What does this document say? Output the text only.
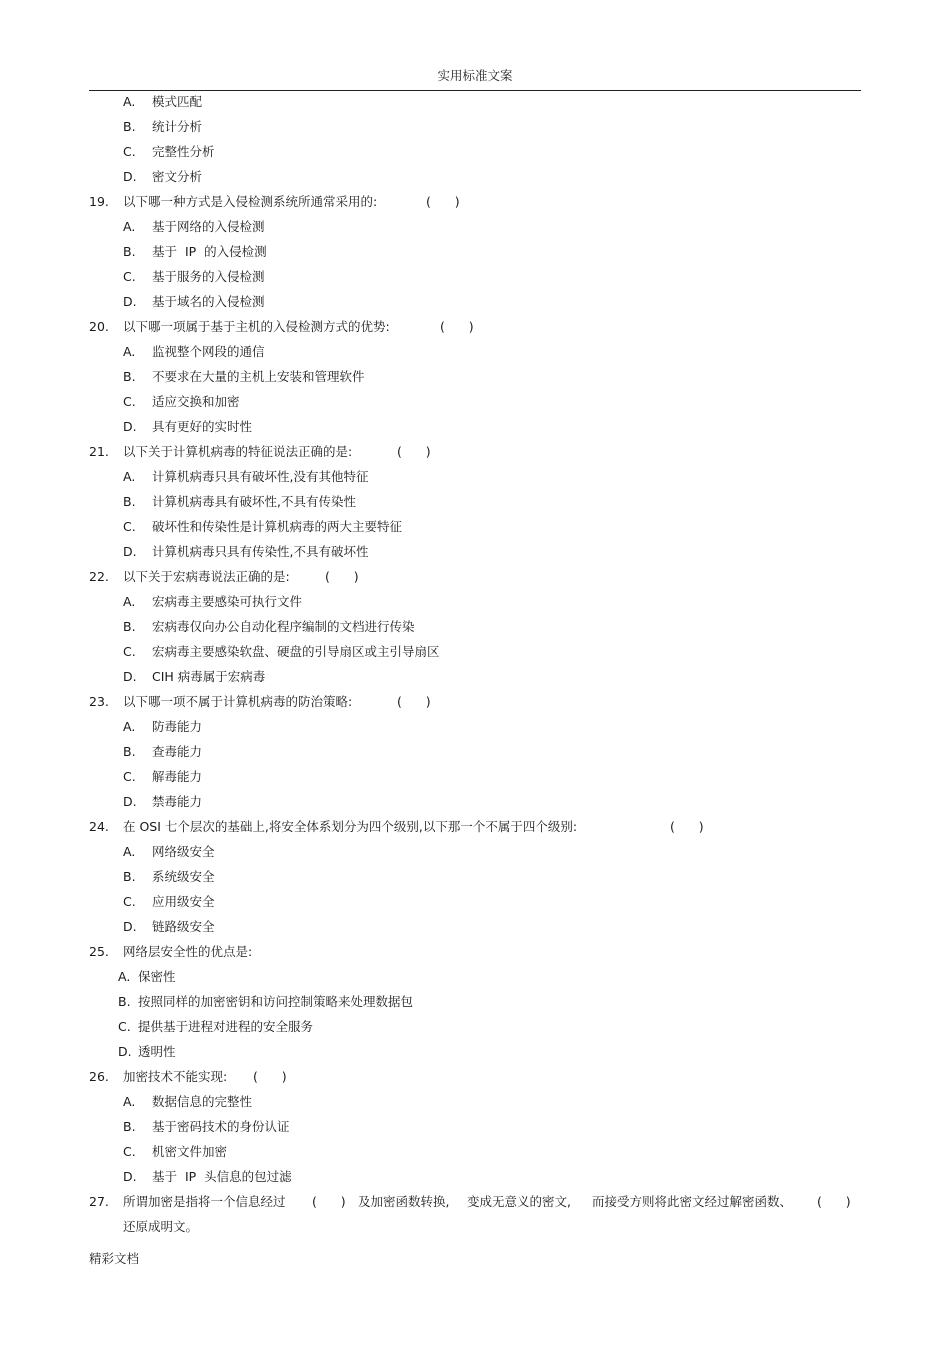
实用标准文案
A. 模式匹配
B. 统计分析
C. 完整性分析
D. 密文分析
19. 以下哪一种方式是入侵检测系统所通常采用的:	(      )
A. 基于网络的入侵检测
B. 基于  IP  的入侵检测
C. 基于服务的入侵检测
D. 基于域名的入侵检测
20. 以下哪一项属于基于主机的入侵检测方式的优势:	(      )
A. 监视整个网段的通信
B. 不要求在大量的主机上安装和管理软件
C. 适应交换和加密
D. 具有更好的实时性
21. 以下关于计算机病毒的特征说法正确的是:	(      )
A. 计算机病毒只具有破坏性,没有其他特征
B. 计算机病毒具有破坏性,不具有传染性
C. 破坏性和传染性是计算机病毒的两大主要特征
D. 计算机病毒只具有传染性,不具有破坏性
22. 以下关于宏病毒说法正确的是:	(      )
A. 宏病毒主要感染可执行文件
B. 宏病毒仅向办公自动化程序编制的文档进行传染
C. 宏病毒主要感染软盘、硬盘的引导扇区或主引导扇区
D. CIH 病毒属于宏病毒
23. 以下哪一项不属于计算机病毒的防治策略:	(      )
A. 防毒能力
B. 查毒能力
C. 解毒能力
D. 禁毒能力
24. 在 OSI 七个层次的基础上,将安全体系划分为四个级别,以下那一个不属于四个级别:	(      )
A. 网络级安全
B. 系统级安全
C. 应用级安全
D. 链路级安全
25. 网络层安全性的优点是:
A. 保密性
B. 按照同样的加密密钥和访问控制策略来处理数据包
C. 提供基于进程对进程的安全服务
D. 透明性
26. 加密技术不能实现: (      )
A. 数据信息的完整性
B. 基于密码技术的身份认证
C. 机密文件加密
D. 基于  IP  头信息的包过滤
27. 所谓加密是指将一个信息经过 (      ) 及加密函数转换, 变成无意义的密文, 而接受方则将此密文经过解密函数、 (      )
还原成明文。
精彩文档
